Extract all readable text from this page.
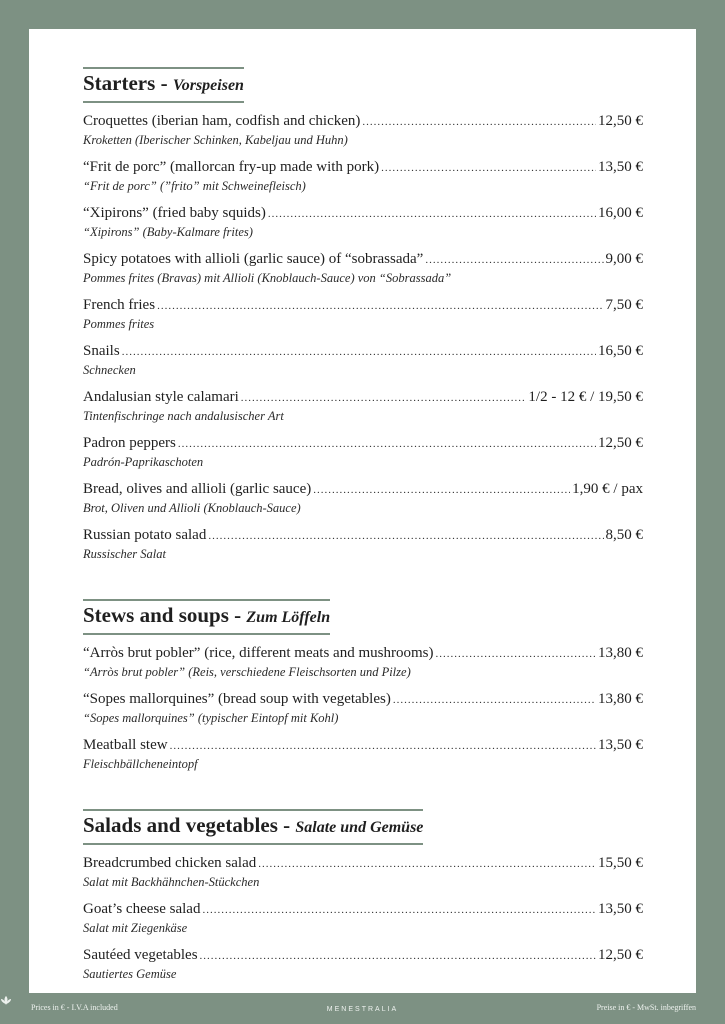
Starters - Vorspeisen
Croquettes (iberian ham, codfish and chicken) .....	12,50 €
Kroketten (Iberischer Schinken, Kabeljau und Huhn)
“Frit de porc” (mallorcan fry-up made with pork) .....	13,50 €
“Frit de porc” (”frito” mit Schweinefleisch)
“Xipirons” (fried baby squids) .....	16,00 €
“Xipirons” (Baby-Kalmare frites)
Spicy potatoes with allioli (garlic sauce) of “sobrassada” .....	9,00 €
Pommes frites (Bravas) mit Allioli (Knoblauch-Sauce) von “Sobrassada”
French fries .....	7,50 €
Pommes frites
Snails .....	16,50 €
Schnecken
Andalusian style calamari .....	1/2 - 12 € / 19,50 €
Tintenfischringe nach andalusischer Art
Padron peppers .....	12,50 €
Padrón-Paprikaschoten
Bread, olives and allioli (garlic sauce) .....	1,90 € / pax
Brot, Oliven und Allioli (Knoblauch-Sauce)
Russian potato salad .....	8,50 €
Russischer Salat
Stews and soups - Zum Löffeln
“Arròs brut pobler” (rice, different meats and mushrooms) .....	13,80 €
“Arròs brut pobler” (Reis, verschiedene Fleischsorten und Pilze)
“Sopes mallorquines” (bread soup with vegetables) .....	13,80 €
“Sopes mallorquines” (typischer Eintopf mit Kohl)
Meatball stew .....	13,50 €
Fleischbällcheneintopf
Salads and vegetables - Salate und Gemüse
Breadcrumbed chicken salad .....	15,50 €
Salat mit Backhähnchen-Stückchen
Goat’s cheese salad .....	13,50 €
Salat mit Ziegenkäse
Sautéed vegetables .....	12,50 €
Sautiertes Gemüse
Prices in € - I.V.A included	MENESTRALIA	Preise in € - MwSt. inbegriffen
